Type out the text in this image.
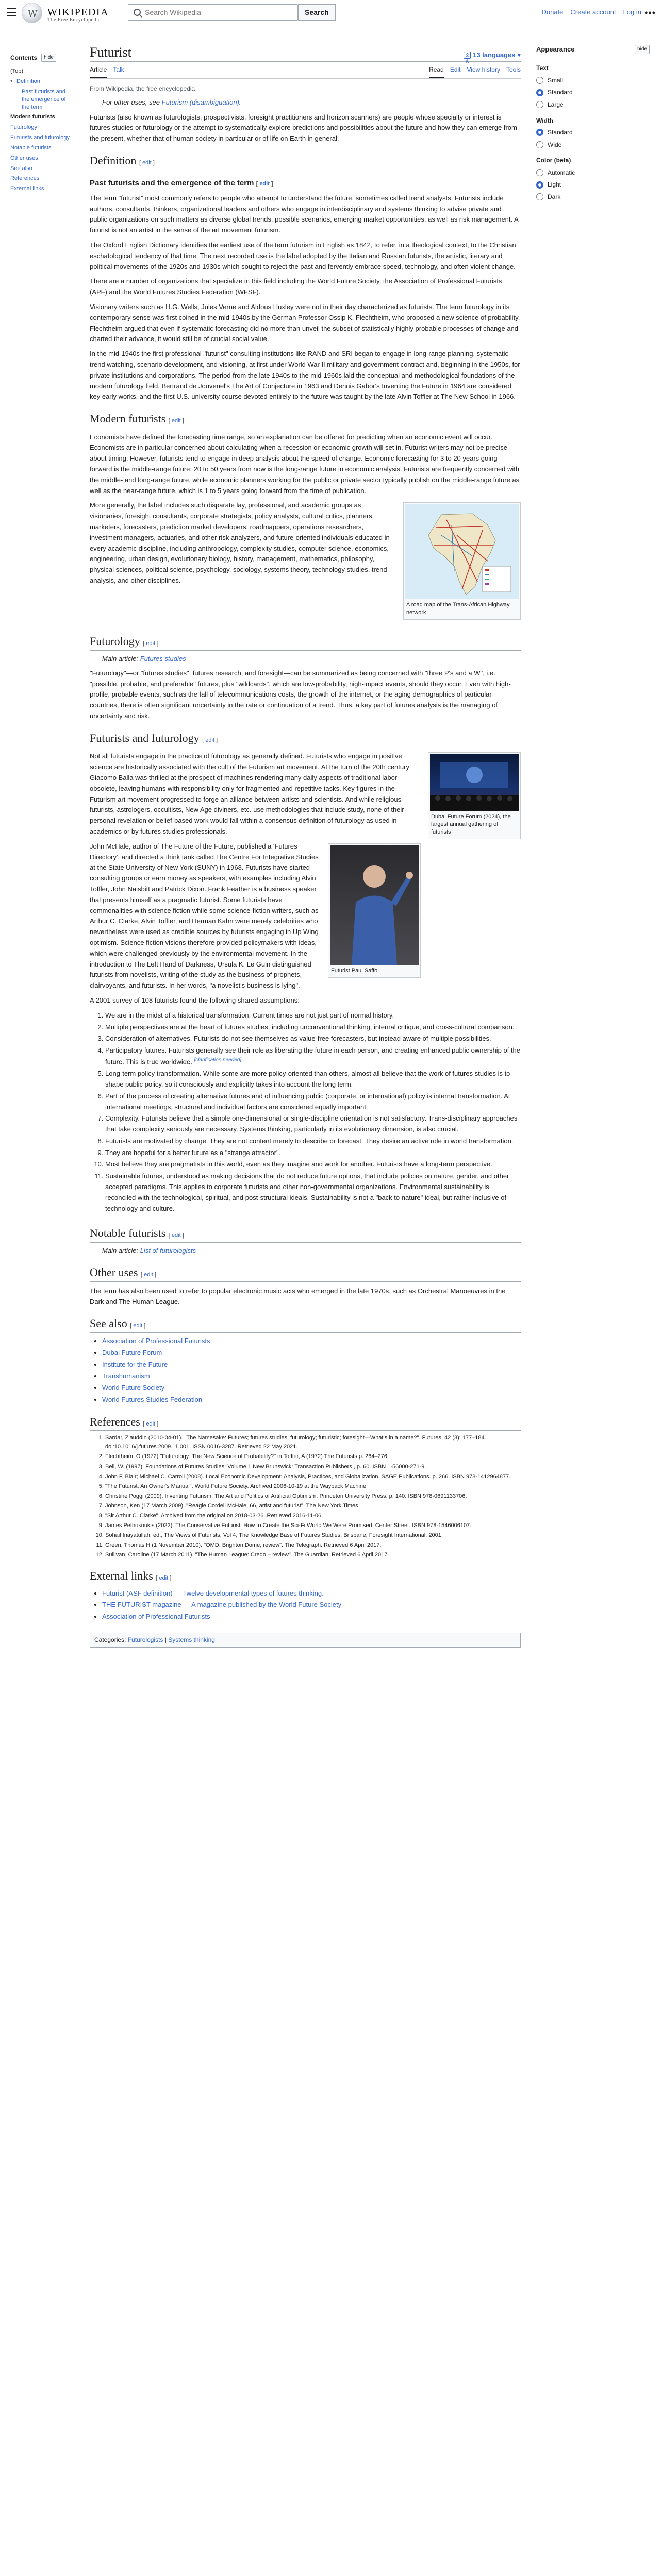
W
WIKIPEDIA
The Free Encyclopedia
Search Wikipedia
Search	Donate Create account Log in •••
Contents	hide
(Top)
▾ Definition
Past futurists and the emergence of the term
Modern futurists
Futurology
Futurists and futurology
Notable futurists
Other uses
See also
References
External links
Futurist	文A
13 languages ▾
Article Talk	Read Edit View history Tools
From Wikipedia, the free encyclopedia
For other uses, see Futurism (disambiguation).

Futurists (also known as futurologists, prospectivists, foresight practitioners and horizon scanners) are people whose specialty or interest is futures studies or futurology or the attempt to systematically explore predictions and possibilities about the future and how they can emerge from the present, whether that of human society in particular or of life on Earth in general.

Definition [ edit ]
Past futurists and the emergence of the term [ edit ]

The term "futurist" most commonly refers to people who attempt to understand the future, sometimes called trend analysts. Futurists include authors, consultants, thinkers, organizational leaders and others who engage in interdisciplinary and systems thinking to advise private and public organizations on such matters as diverse global trends, possible scenarios, emerging market opportunities, as well as risk management. A futurist is not an artist in the sense of the art movement futurism.

The Oxford English Dictionary identifies the earliest use of the term futurism in English as 1842, to refer, in a theological context, to the Christian eschatological tendency of that time. The next recorded use is the label adopted by the Italian and Russian futurists, the artistic, literary and political movements of the 1920s and 1930s which sought to reject the past and fervently embrace speed, technology, and often violent change.

There are a number of organizations that specialize in this field including the World Future Society, the Association of Professional Futurists (APF) and the World Futures Studies Federation (WFSF).

Visionary writers such as H.G. Wells, Jules Verne and Aldous Huxley were not in their day characterized as futurists. The term futurology in its contemporary sense was first coined in the mid-1940s by the German Professor Ossip K. Flechtheim, who proposed a new science of probability. Flechtheim argued that even if systematic forecasting did no more than unveil the subset of statistically highly probable processes of change and charted their advance, it would still be of crucial social value.

In the mid-1940s the first professional "futurist" consulting institutions like RAND and SRI began to engage in long-range planning, systematic trend watching, scenario development, and visioning, at first under World War II military and government contract and, beginning in the 1950s, for private institutions and corporations. The period from the late 1940s to the mid-1960s laid the conceptual and methodological foundations of the modern futurology field. Bertrand de Jouvenel's The Art of Conjecture in 1963 and Dennis Gabor's Inventing the Future in 1964 are considered key early works, and the first U.S. university course devoted entirely to the future was taught by the late Alvin Toffler at The New School in 1966.

Modern futurists [ edit ]

Economists have defined the forecasting time range, so an explanation can be offered for predicting when an economic event will occur. Economists are in particular concerned about calculating when a recession or economic growth will set in. Futurist writers may not be precise about timing. However, futurists tend to engage in deep analysis about the speed of change. Economic forecasting for 3 to 20 years going forward is the middle-range future; 20 to 50 years from now is the long-range future in economic analysis. Futurists are frequently concerned with the middle- and long-range future, while economic planners working for the public or private sector typically publish on the middle-range future as well as the near-range future, which is 1 to 5 years going forward from the time of publication.

A road map of the Trans-African Highway network

More generally, the label includes such disparate lay, professional, and academic groups as visionaries, foresight consultants, corporate strategists, policy analysts, cultural critics, planners, marketers, forecasters, prediction market developers, roadmappers, operations researchers, investment managers, actuaries, and other risk analyzers, and future-oriented individuals educated in every academic discipline, including anthropology, complexity studies, computer science, economics, engineering, urban design, evolutionary biology, history, management, mathematics, philosophy, physical sciences, political science, psychology, sociology, systems theory, technology studies, trend analysis, and other disciplines.

Futurology [ edit ]
Main article: Futures studies

"Futurology"—or "futures studies", futures research, and foresight—can be summarized as being concerned with "three P's and a W", i.e. "possible, probable, and preferable" futures, plus "wildcards", which are low-probability, high-impact events, should they occur. Even with high-profile, probable events, such as the fall of telecommunications costs, the growth of the internet, or the aging demographics of particular countries, there is often significant uncertainty in the rate or continuation of a trend. Thus, a key part of futures analysis is the managing of uncertainty and risk.

Futurists and futurology [ edit ]
Dubai Future Forum (2024), the largest annual gathering of futurists

Not all futurists engage in the practice of futurology as generally defined. Futurists who engage in positive science are historically associated with the cult of the Futurism art movement. At the turn of the 20th century Giacomo Balla was thrilled at the prospect of machines rendering many daily aspects of traditional labor obsolete, leaving humans with responsibility only for fragmented and repetitive tasks. Key figures in the Futurism art movement progressed to forge an alliance between artists and scientists. And while religious futurists, astrologers, occultists, New Age diviners, etc. use methodologies that include study, none of their personal revelation or belief-based work would fall within a consensus definition of futurology as used in academics or by futures studies professionals.

Futurist Paul Saffo

John McHale, author of The Future of the Future, published a 'Futures Directory', and directed a think tank called The Centre For Integrative Studies at the State University of New York (SUNY) in 1968. Futurists have started consulting groups or earn money as speakers, with examples including Alvin Toffler, John Naisbitt and Patrick Dixon. Frank Feather is a business speaker that presents himself as a pragmatic futurist. Some futurists have commonalities with science fiction while some science-fiction writers, such as Arthur C. Clarke, Alvin Toffler, and Herman Kahn were merely celebrities who nevertheless were used as credible sources by futurists engaging in Up Wing optimism. Science fiction visions therefore provided policymakers with ideas, which were challenged previously by the environmental movement. In the introduction to The Left Hand of Darkness, Ursula K. Le Guin distinguished futurists from novelists, writing of the study as the business of prophets, clairvoyants, and futurists. In her words, "a novelist's business is lying".

A 2001 survey of 108 futurists found the following shared assumptions:

1. We are in the midst of a historical transformation. Current times are not just part of normal history.
2. Multiple perspectives are at the heart of futures studies, including unconventional thinking, internal critique, and cross-cultural comparison.
3. Consideration of alternatives. Futurists do not see themselves as value-free forecasters, but instead aware of multiple possibilities.
4. Participatory futures. Futurists generally see their role as liberating the future in each person, and creating enhanced public ownership of the future. This is true worldwide. [clarification needed]
5. Long-term policy transformation. While some are more policy-oriented than others, almost all believe that the work of futures studies is to shape public policy, so it consciously and explicitly takes into account the long term.
6. Part of the process of creating alternative futures and of influencing public (corporate, or international) policy is internal transformation. At international meetings, structural and individual factors are considered equally important.
7. Complexity. Futurists believe that a simple one-dimensional or single-discipline orientation is not satisfactory. Trans-disciplinary approaches that take complexity seriously are necessary. Systems thinking, particularly in its evolutionary dimension, is also crucial.
8. Futurists are motivated by change. They are not content merely to describe or forecast. They desire an active role in world transformation.
9. They are hopeful for a better future as a "strange attractor".
10. Most believe they are pragmatists in this world, even as they imagine and work for another. Futurists have a long-term perspective.
11. Sustainable futures, understood as making decisions that do not reduce future options, that include policies on nature, gender, and other accepted paradigms. This applies to corporate futurists and other non-governmental organizations. Environmental sustainability is reconciled with the technological, spiritual, and post-structural ideals. Sustainability is not a "back to nature" ideal, but rather inclusive of technology and culture.
Notable futurists [ edit ]
Main article: List of futurologists
Other uses [ edit ]

The term has also been used to refer to popular electronic music acts who emerged in the late 1970s, such as Orchestral Manoeuvres in the Dark and The Human League.

See also [ edit ]
• Association of Professional Futurists
• Dubai Future Forum
• Institute for the Future
• Transhumanism
• World Future Society
• World Futures Studies Federation
References [ edit ]
1. Sardar, Ziauddin (2010-04-01). "The Namesake: Futures; futures studies; futurology; futuristic; foresight—What's in a name?". Futures. 42 (3): 177–184. doi:10.1016/j.futures.2009.11.001. ISSN 0016-3287. Retrieved 22 May 2021.
2. Flechtheim, O (1972) "Futurology: The New Science of Probability?" in Toffler, A (1972) The Futurists p. 264–276
3. Bell, W. (1997). Foundations of Futures Studies: Volume 1 New Brunswick: Transaction Publishers., p. 60. ISBN 1-56000-271-9.
4. John F. Blair; Michael C. Carroll (2008). Local Economic Development: Analysis, Practices, and Globalization. SAGE Publications. p. 266. ISBN 978-1412964877.
5. "The Futurist: An Owner's Manual". World Future Society. Archived 2006-10-19 at the Wayback Machine
6. Christine Poggi (2009). Inventing Futurism: The Art and Politics of Artificial Optimism. Princeton University Press. p. 140. ISBN 978-0691133706.
7. Johnson, Ken (17 March 2009). "Reagle Cordell McHale, 66, artist and futurist". The New York Times
8. "Sir Arthur C. Clarke". Archived from the original on 2018-03-26. Retrieved 2016-11-06.
9. James Pethokoukis (2022). The Conservative Futurist: How to Create the Sci-Fi World We Were Promised. Center Street. ISBN 978-1546006107.
10. Sohail Inayatullah, ed., The Views of Futurists, Vol 4, The Knowledge Base of Futures Studies. Brisbane, Foresight International, 2001.
11. Green, Thomas H (1 November 2010). "OMD, Brighton Dome, review". The Telegraph. Retrieved 6 April 2017.
12. Sullivan, Caroline (17 March 2011). "The Human League: Credo – review". The Guardian. Retrieved 6 April 2017.
External links [ edit ]
• Futurist (ASF definition) — Twelve developmental types of futures thinking.
• THE FUTURIST magazine — A magazine published by the World Future Society
• Association of Professional Futurists
Categories: Futurologists | Systems thinking
Appearance	hide
Text
Small
Standard
Large
Width
Standard
Wide
Color (beta)
Automatic
Light
Dark
